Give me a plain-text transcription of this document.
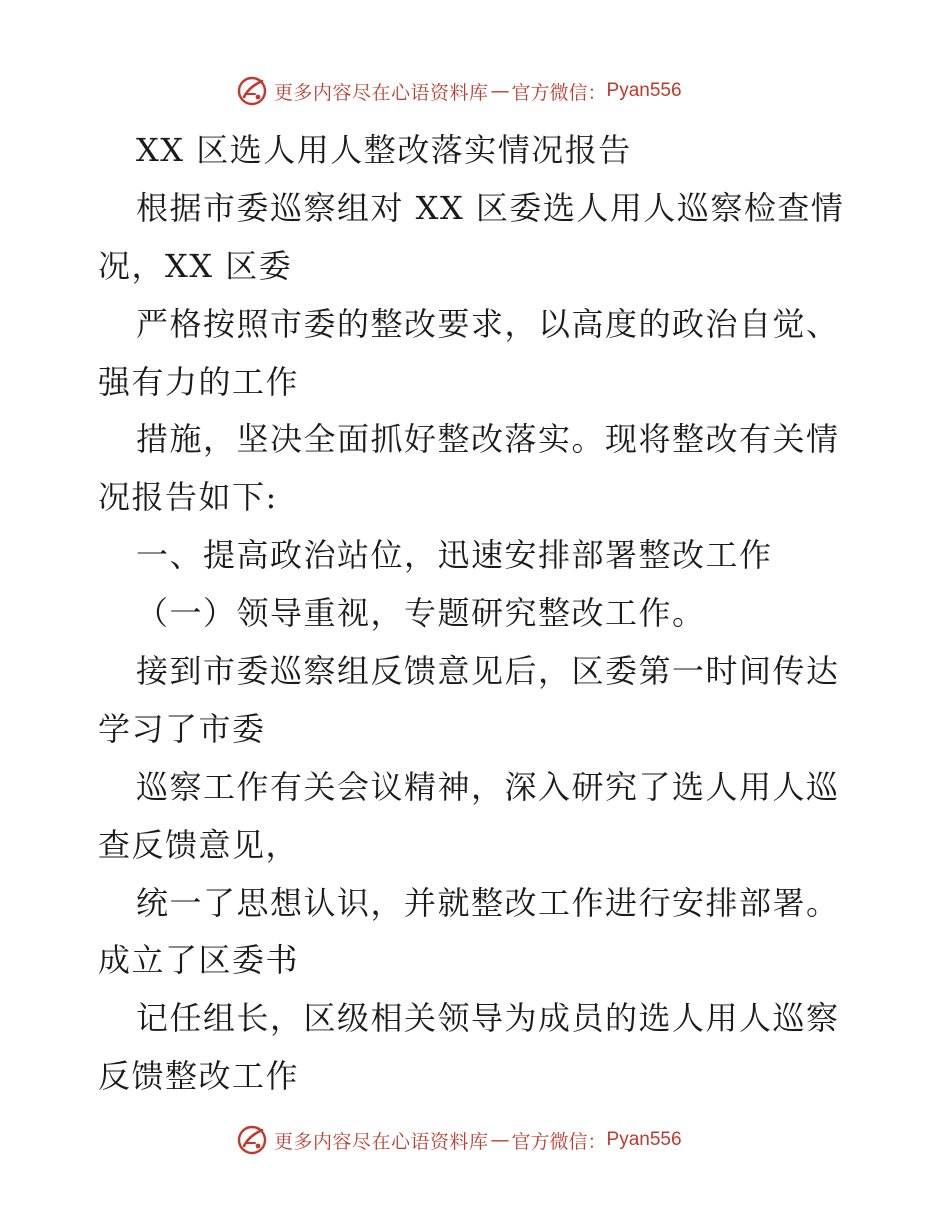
更多内容尽在心语资料库 — 官方微信： Pyan556
XX 区选人用人整改落实情况报告
根据市委巡察组对 XX 区委选人用人巡察检查情
况，XX 区委
严格按照市委的整改要求，以高度的政治自觉、
强有力的工作
措施，坚决全面抓好整改落实。现将整改有关情
况报告如下:
一、提高政治站位，迅速安排部署整改工作
（一）领导重视，专题研究整改工作。
接到市委巡察组反馈意见后，区委第一时间传达
学习了市委
巡察工作有关会议精神，深入研究了选人用人巡
查反馈意见，
统一了思想认识，并就整改工作进行安排部署。
成立了区委书
记任组长，区级相关领导为成员的选人用人巡察
反馈整改工作
更多内容尽在心语资料库 — 官方微信： Pyan556
